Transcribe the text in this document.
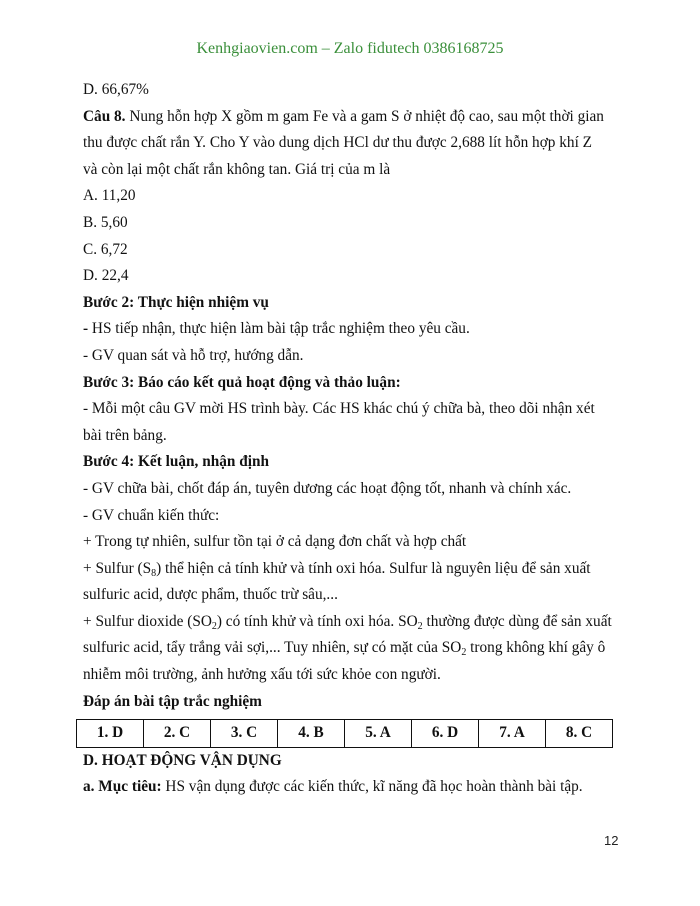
Kenhgiaovien.com – Zalo fidutech 0386168725
D. 66,67%
Câu 8. Nung hỗn hợp X gồm m gam Fe và a gam S ở nhiệt độ cao, sau một thời gian
thu được chất rắn Y. Cho Y vào dung dịch HCl dư thu được 2,688 lít hỗn hợp khí Z
và còn lại một chất rắn không tan. Giá trị của m là
A. 11,20
B. 5,60
C. 6,72
D. 22,4
Bước 2: Thực hiện nhiệm vụ
- HS tiếp nhận, thực hiện làm bài tập trắc nghiệm theo yêu cầu.
- GV quan sát và hỗ trợ, hướng dẫn.
Bước 3: Báo cáo kết quả hoạt động và thảo luận:
- Mỗi một câu GV mời HS trình bày. Các HS khác chú ý chữa bà, theo dõi nhận xét
bài trên bảng.
Bước 4: Kết luận, nhận định
- GV chữa bài, chốt đáp án, tuyên dương các hoạt động tốt, nhanh và chính xác.
- GV chuẩn kiến thức:
+ Trong tự nhiên, sulfur tồn tại ở cả dạng đơn chất và hợp chất
+ Sulfur $(S_8)$ thể hiện cả tính khử và tính oxi hóa. Sulfur là nguyên liệu để sản xuất
sulfuric acid, dược phẩm, thuốc trừ sâu,...
+ Sulfur dioxide $(SO_2)$ có tính khử và tính oxi hóa. $SO_2$ thường được dùng để sản xuất
sulfuric acid, tẩy trắng vải sợi,... Tuy nhiên, sự có mặt của $SO_2$ trong không khí gây ô
nhiễm môi trường, ảnh hưởng xấu tới sức khỏe con người.
Đáp án bài tập trắc nghiệm
1. D	2. C	3. C	4. B	5. A	6. D	7. A	8. C
D. HOẠT ĐỘNG VẬN DỤNG
a. Mục tiêu: HS vận dụng được các kiến thức, kĩ năng đã học hoàn thành bài tập.
12
